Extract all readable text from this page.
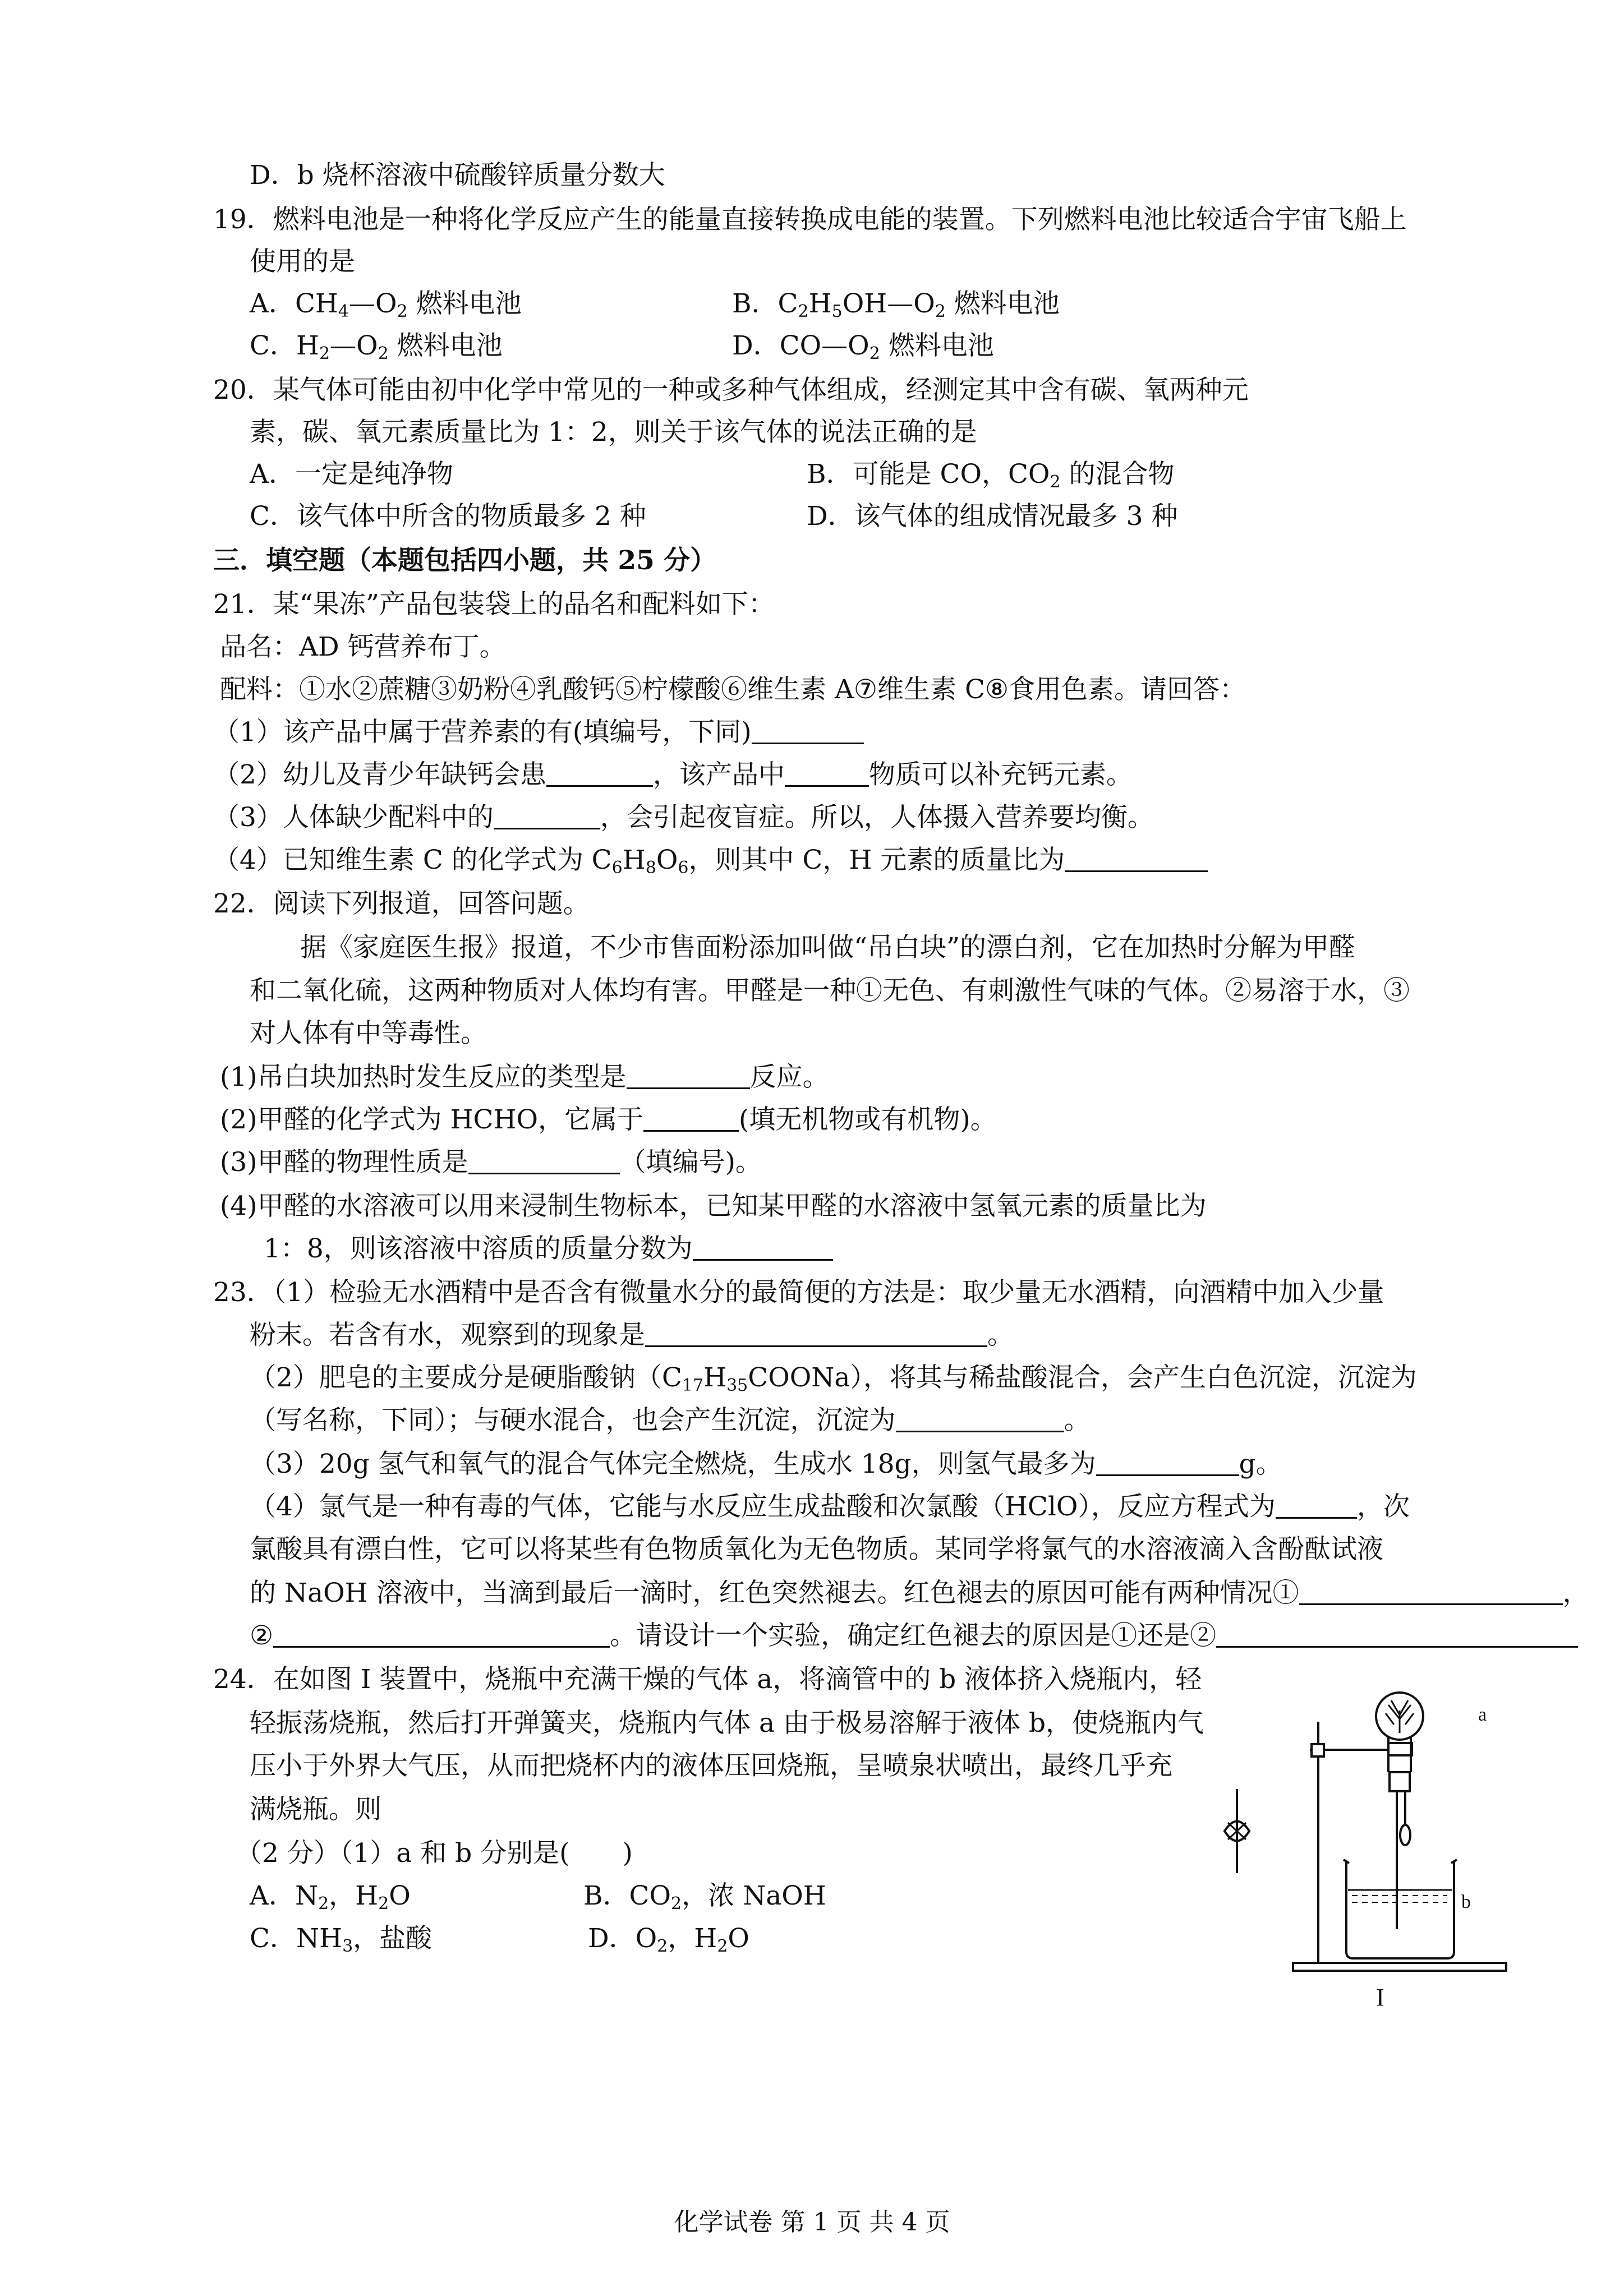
D．b 烧杯溶液中硫酸锌质量分数大
19．燃料电池是一种将化学反应产生的能量直接转换成电能的装置。下列燃料电池比较适合宇宙飞船上
使用的是
A．$CH_4—O_2$ 燃料电池	B．$C_2H_5OH—O_2$ 燃料电池
C．$H_2—O_2$ 燃料电池	D．$CO—O_2$ 燃料电池
20．某气体可能由初中化学中常见的一种或多种气体组成，经测定其中含有碳、氧两种元
素，碳、氧元素质量比为 1：2，则关于该气体的说法正确的是
A．一定是纯净物	B．可能是 CO，$CO_2$ 的混合物
C．该气体中所含的物质最多 2 种	D．该气体的组成情况最多 3 种
三．填空题（本题包括四小题，共 25 分）
21．某“果冻”产品包装袋上的品名和配料如下：
品名：AD 钙营养布丁。
配料：①水②蔗糖③奶粉④乳酸钙⑤柠檬酸⑥维生素 A⑦维生素 C⑧食用色素。请回答：
（1）该产品中属于营养素的有(填编号，下同)
（2）幼儿及青少年缺钙会患	，该产品中	物质可以补充钙元素。
（3）人体缺少配料中的	，会引起夜盲症。所以，人体摄入营养要均衡。
（4）已知维生素 C 的化学式为 $C_6H_8O_6$，则其中 C，H 元素的质量比为
22．阅读下列报道，回答问题。
据《家庭医生报》报道，不少市售面粉添加叫做“吊白块”的漂白剂，它在加热时分解为甲醛
和二氧化硫，这两种物质对人体均有害。甲醛是一种①无色、有刺激性气味的气体。②易溶于水，③
对人体有中等毒性。
(1)吊白块加热时发生反应的类型是	反应。
(2)甲醛的化学式为 HCHO，它属于	(填无机物或有机物)。
(3)甲醛的物理性质是	（填编号)。
(4)甲醛的水溶液可以用来浸制生物标本，已知某甲醛的水溶液中氢氧元素的质量比为
1：8，则该溶液中溶质的质量分数为
23．（1）检验无水酒精中是否含有微量水分的最简便的方法是：取少量无水酒精，向酒精中加入少量
粉末。若含有水，观察到的现象是	。
（2）肥皂的主要成分是硬脂酸钠$(C_{17}H_{35}COONa)$，将其与稀盐酸混合，会产生白色沉淀，沉淀为
（写名称，下同）；与硬水混合，也会产生沉淀，沉淀为	。
（3）20g 氢气和氧气的混合气体完全燃烧，生成水 18g，则氢气最多为	g。
（4）氯气是一种有毒的气体，它能与水反应生成盐酸和次氯酸（HClO），反应方程式为	，次
氯酸具有漂白性，它可以将某些有色物质氧化为无色物质。某同学将氯气的水溶液滴入含酚酞试液
的 NaOH 溶液中，当滴到最后一滴时，红色突然褪去。红色褪去的原因可能有两种情况①	，
②	。请设计一个实验，确定红色褪去的原因是①还是②
24．在如图 I 装置中，烧瓶中充满干燥的气体 a，将滴管中的 b 液体挤入烧瓶内，轻
轻振荡烧瓶，然后打开弹簧夹，烧瓶内气体 a 由于极易溶解于液体 b，使烧瓶内气
压小于外界大气压，从而把烧杯内的液体压回烧瓶，呈喷泉状喷出，最终几乎充
满烧瓶。则
（2 分）（1）a 和 b 分别是(　　)
A．$N_2$，$H_2O$	B．$CO_2$，浓 NaOH
C．$NH_3$，盐酸	D．$O_2$，$H_2O$
a
b
I
化学试卷 第 1 页 共 4 页
